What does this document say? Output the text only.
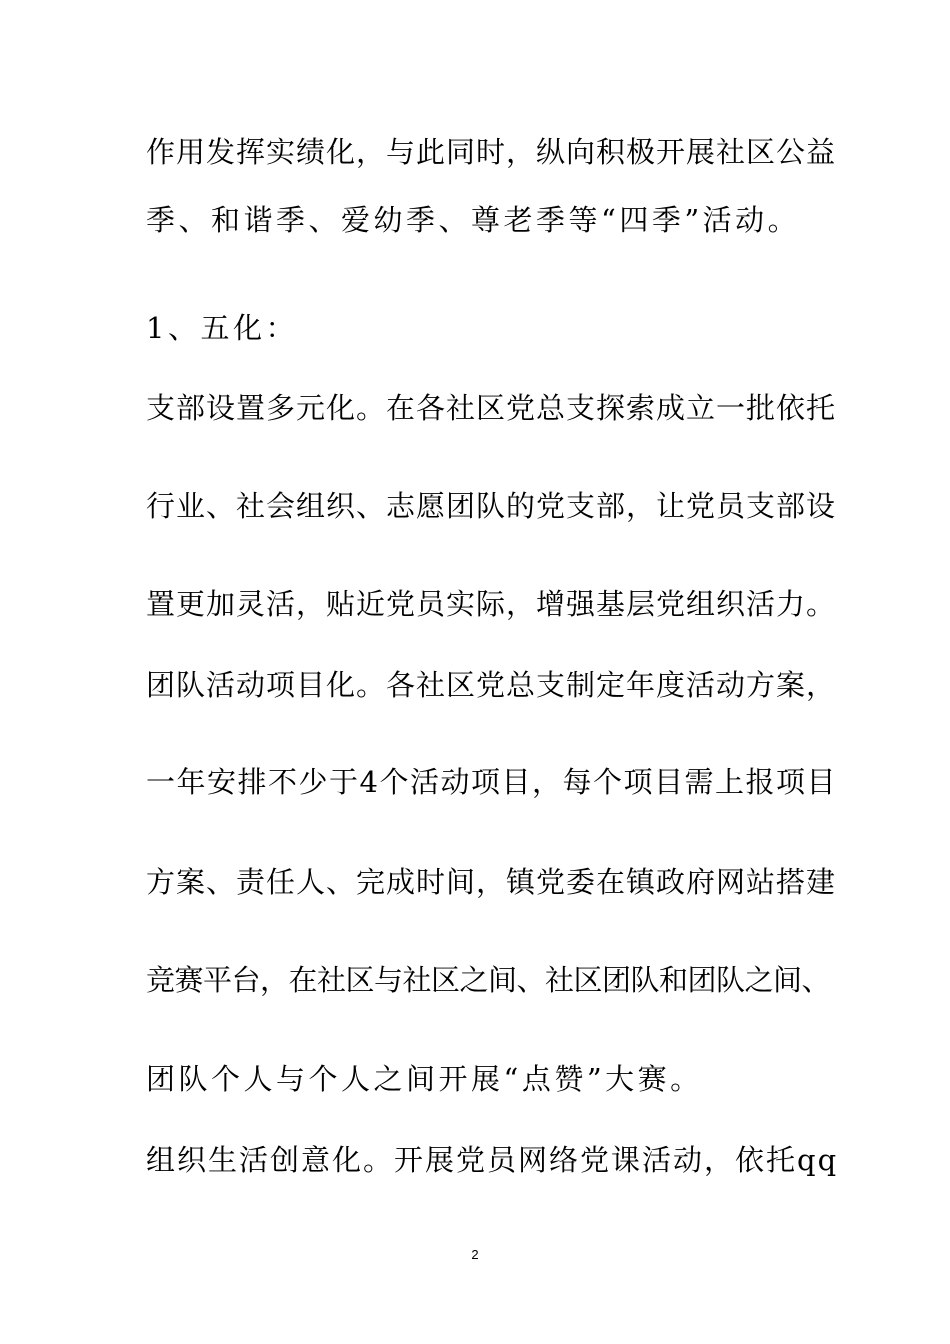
作用发挥实绩化，与此同时，纵向积极开展社区公益
季、和谐季、爱幼季、尊老季等“四季”活动。
1、五化：
支部设置多元化。在各社区党总支探索成立一批依托
行业、社会组织、志愿团队的党支部，让党员支部设
置更加灵活，贴近党员实际，增强基层党组织活力。
团队活动项目化。各社区党总支制定年度活动方案，
一年安排不少于4个活动项目，每个项目需上报项目
方案、责任人、完成时间，镇党委在镇政府网站搭建
竞赛平台，在社区与社区之间、社区团队和团队之间、
团队个人与个人之间开展“点赞”大赛。
组织生活创意化。开展党员网络党课活动，依托qq
2
